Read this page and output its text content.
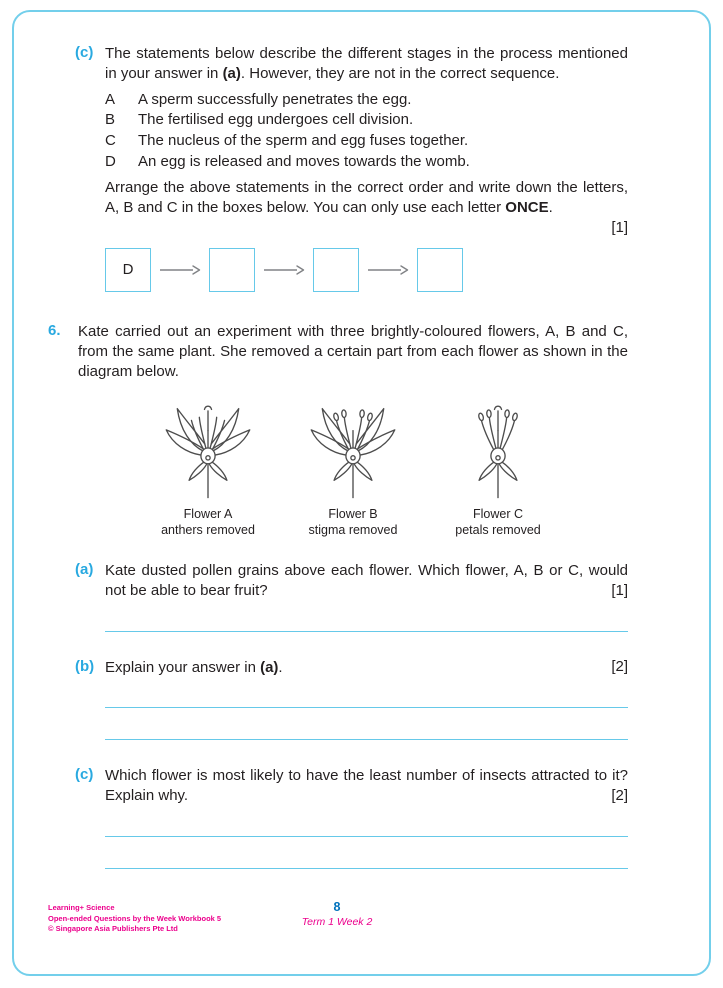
(c) The statements below describe the different stages in the process mentioned in your answer in (a). However, they are not in the correct sequence.

A	A sperm successfully penetrates the egg.
B	The fertilised egg undergoes cell division.
C	The nucleus of the sperm and egg fuses together.
D	An egg is released and moves towards the womb.

Arrange the above statements in the correct order and write down the letters, A, B and C in the boxes below. You can only use each letter ONCE.

[1]
D
6.	Kate carried out an experiment with three brightly-coloured flowers, A, B and C, from the same plant. She removed a certain part from each flower as shown in the diagram below.

Flower A
anthers removed
Flower B
stigma removed
Flower C
petals removed
(a) Kate dusted pollen grains above each flower. Which flower, A, B or C, would not be able to bear fruit?	[1]
(b) Explain your answer in (a).	[2]
(c) Which flower is most likely to have the least number of insects attracted to it? Explain why.	[2]
Learning+ Science
Open-ended Questions by the Week Workbook 5
© Singapore Asia Publishers Pte Ltd
8
Term 1 Week 2
